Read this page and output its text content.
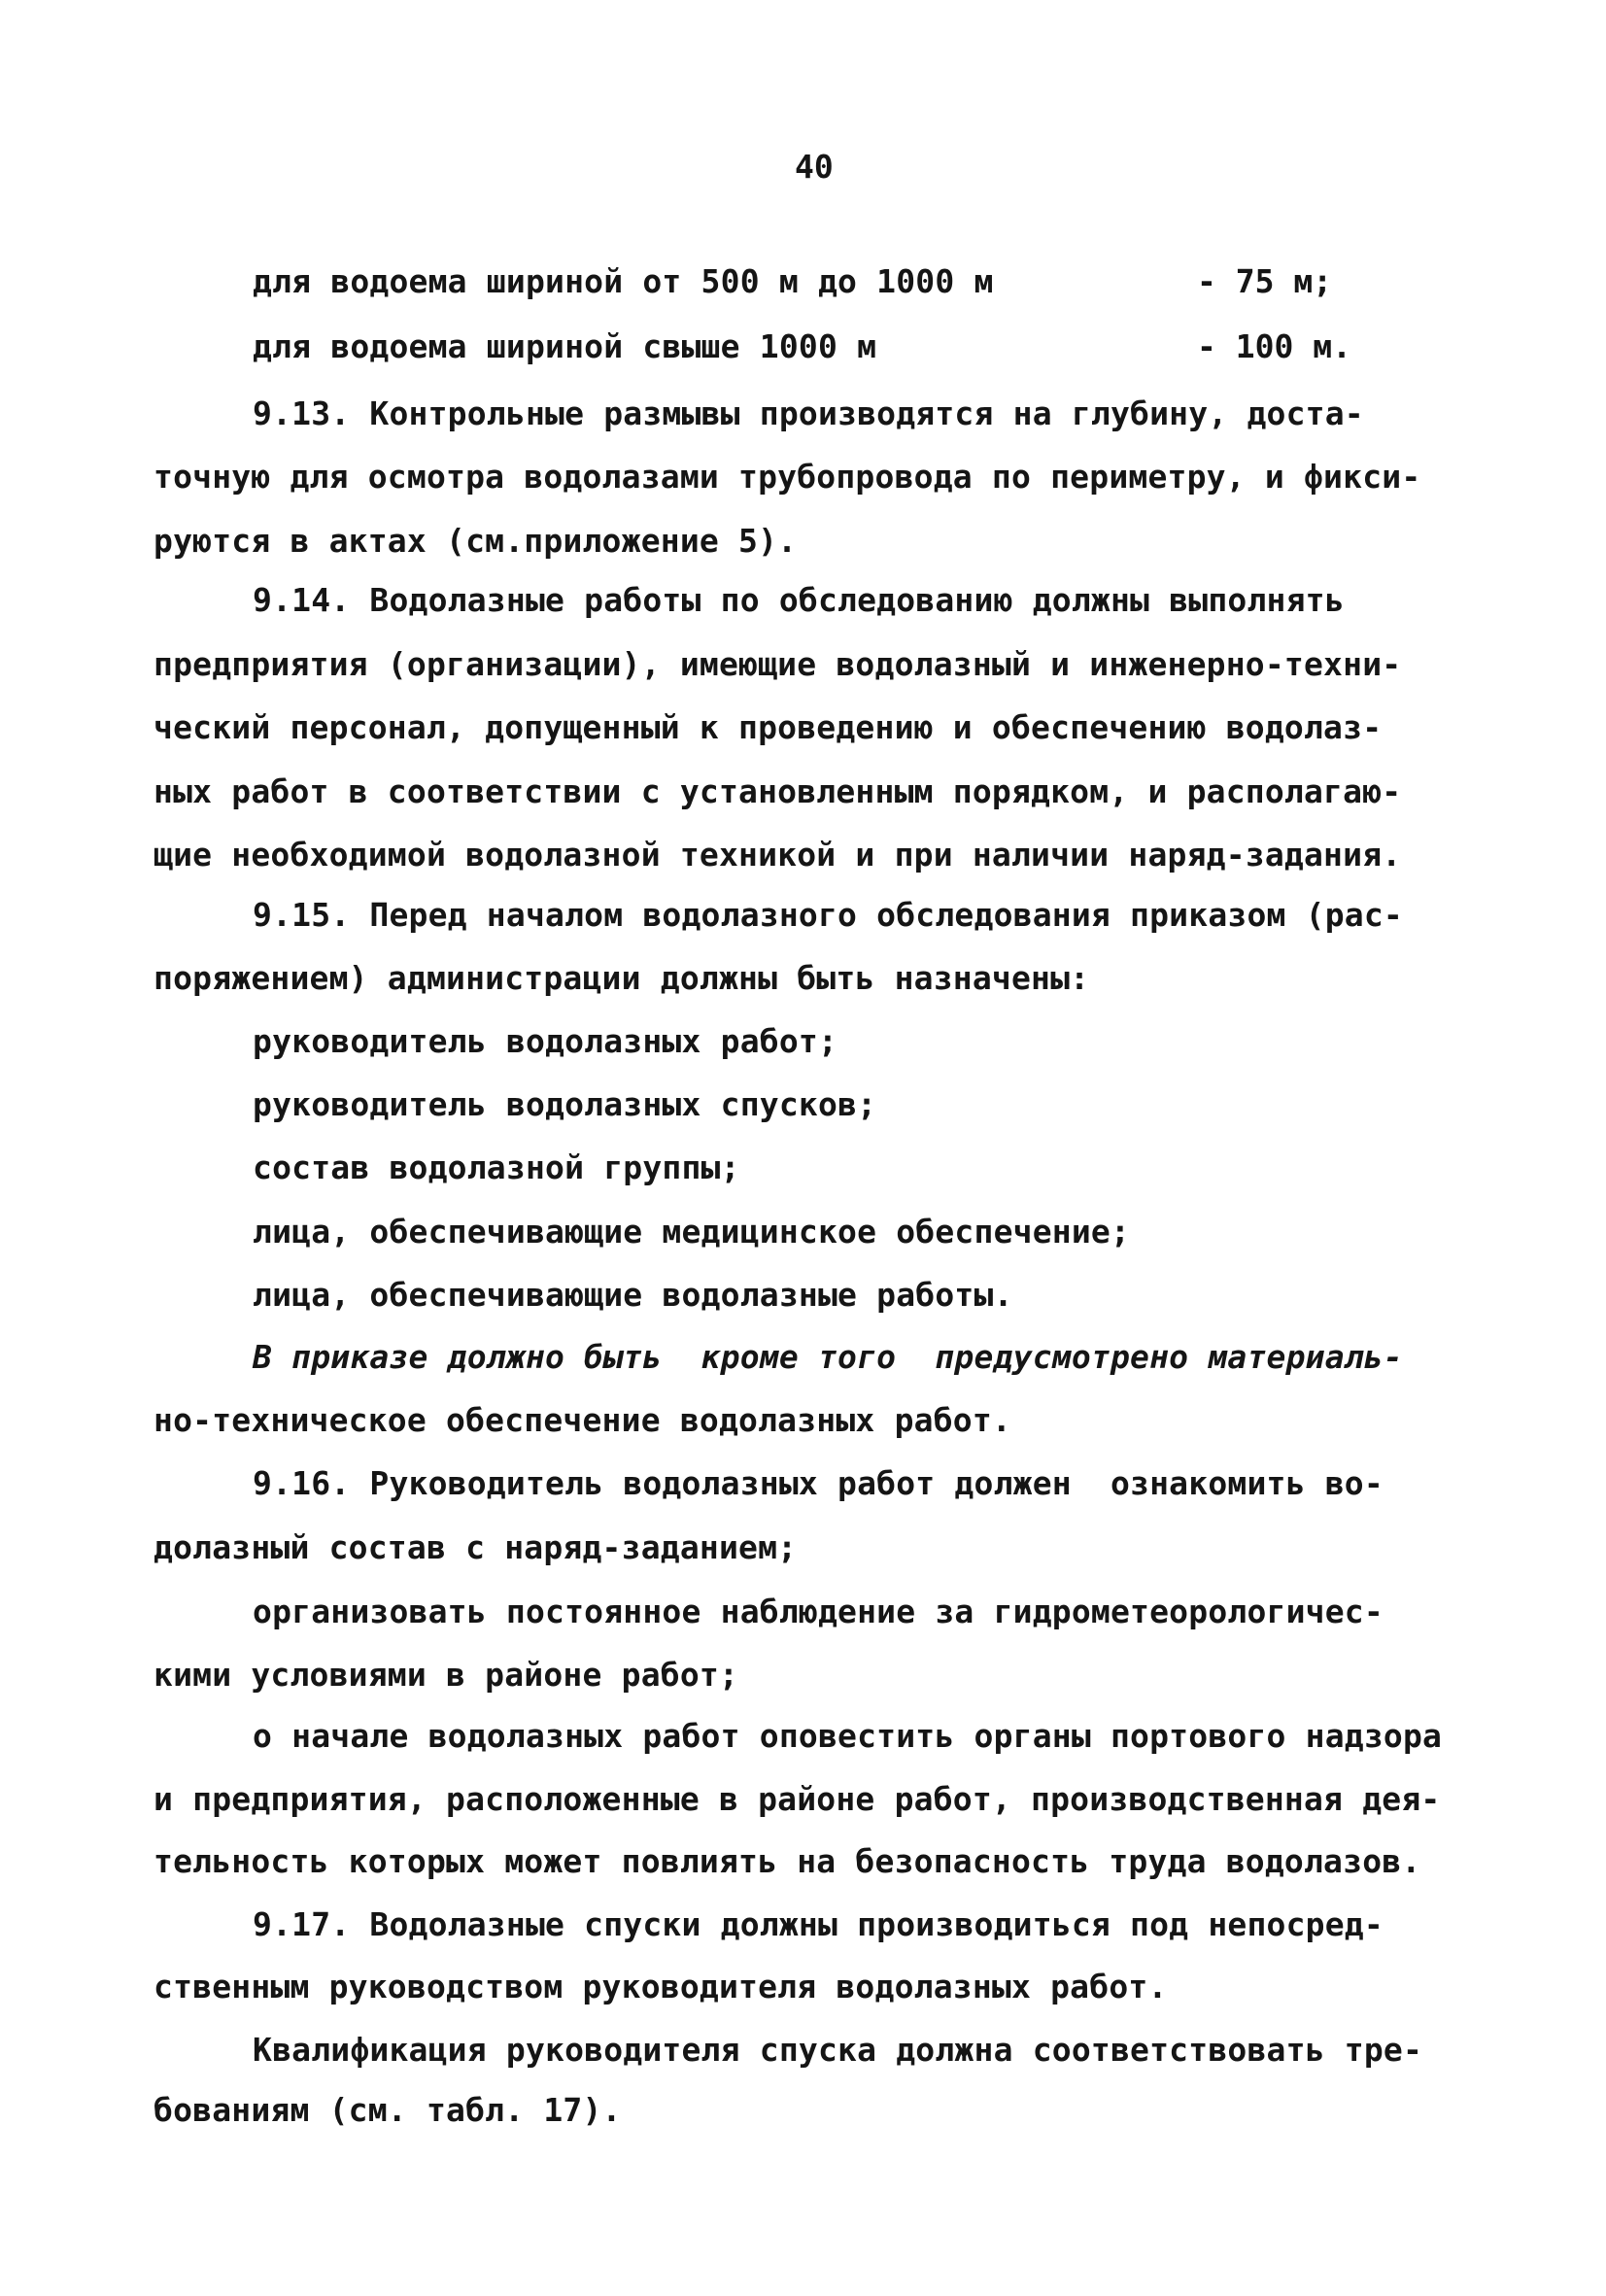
40
для водоема шириной от 500 м до 1000 м	- 75 м;
для водоема шириной свыше 1000 м	- 100 м.
9.13. Контрольные размывы производятся на глубину, доста-
точную для осмотра водолазами трубопровода по периметру, и фикси-
руются в актах (см.приложение 5).
9.14. Водолазные работы по обследованию должны выполнять
предприятия (организации), имеющие водолазный и инженерно-техни-
ческий персонал, допущенный к проведению и обеспечению водолаз-
ных работ в соответствии с установленным порядком, и располагаю-
щие необходимой водолазной техникой и при наличии наряд-задания.
9.15. Перед началом водолазного обследования приказом (рас-
поряжением) администрации должны быть назначены:
руководитель водолазных работ;
руководитель водолазных спусков;
состав водолазной группы;
лица, обеспечивающие медицинское обеспечение;
лица, обеспечивающие водолазные работы.
В приказе должно быть  кроме того  предусмотрено материаль-
но-техническое обеспечение водолазных работ.
9.16. Руководитель водолазных работ должен  ознакомить во-
долазный состав с наряд-заданием;
организовать постоянное наблюдение за гидрометеорологичес-
кими условиями в районе работ;
о начале водолазных работ оповестить органы портового надзора
и предприятия, расположенные в районе работ, производственная дея-
тельность которых может повлиять на безопасность труда водолазов.
9.17. Водолазные спуски должны производиться под непосред-
ственным руководством руководителя водолазных работ.
Квалификация руководителя спуска должна соответствовать тре-
бованиям (см. табл. 17).
